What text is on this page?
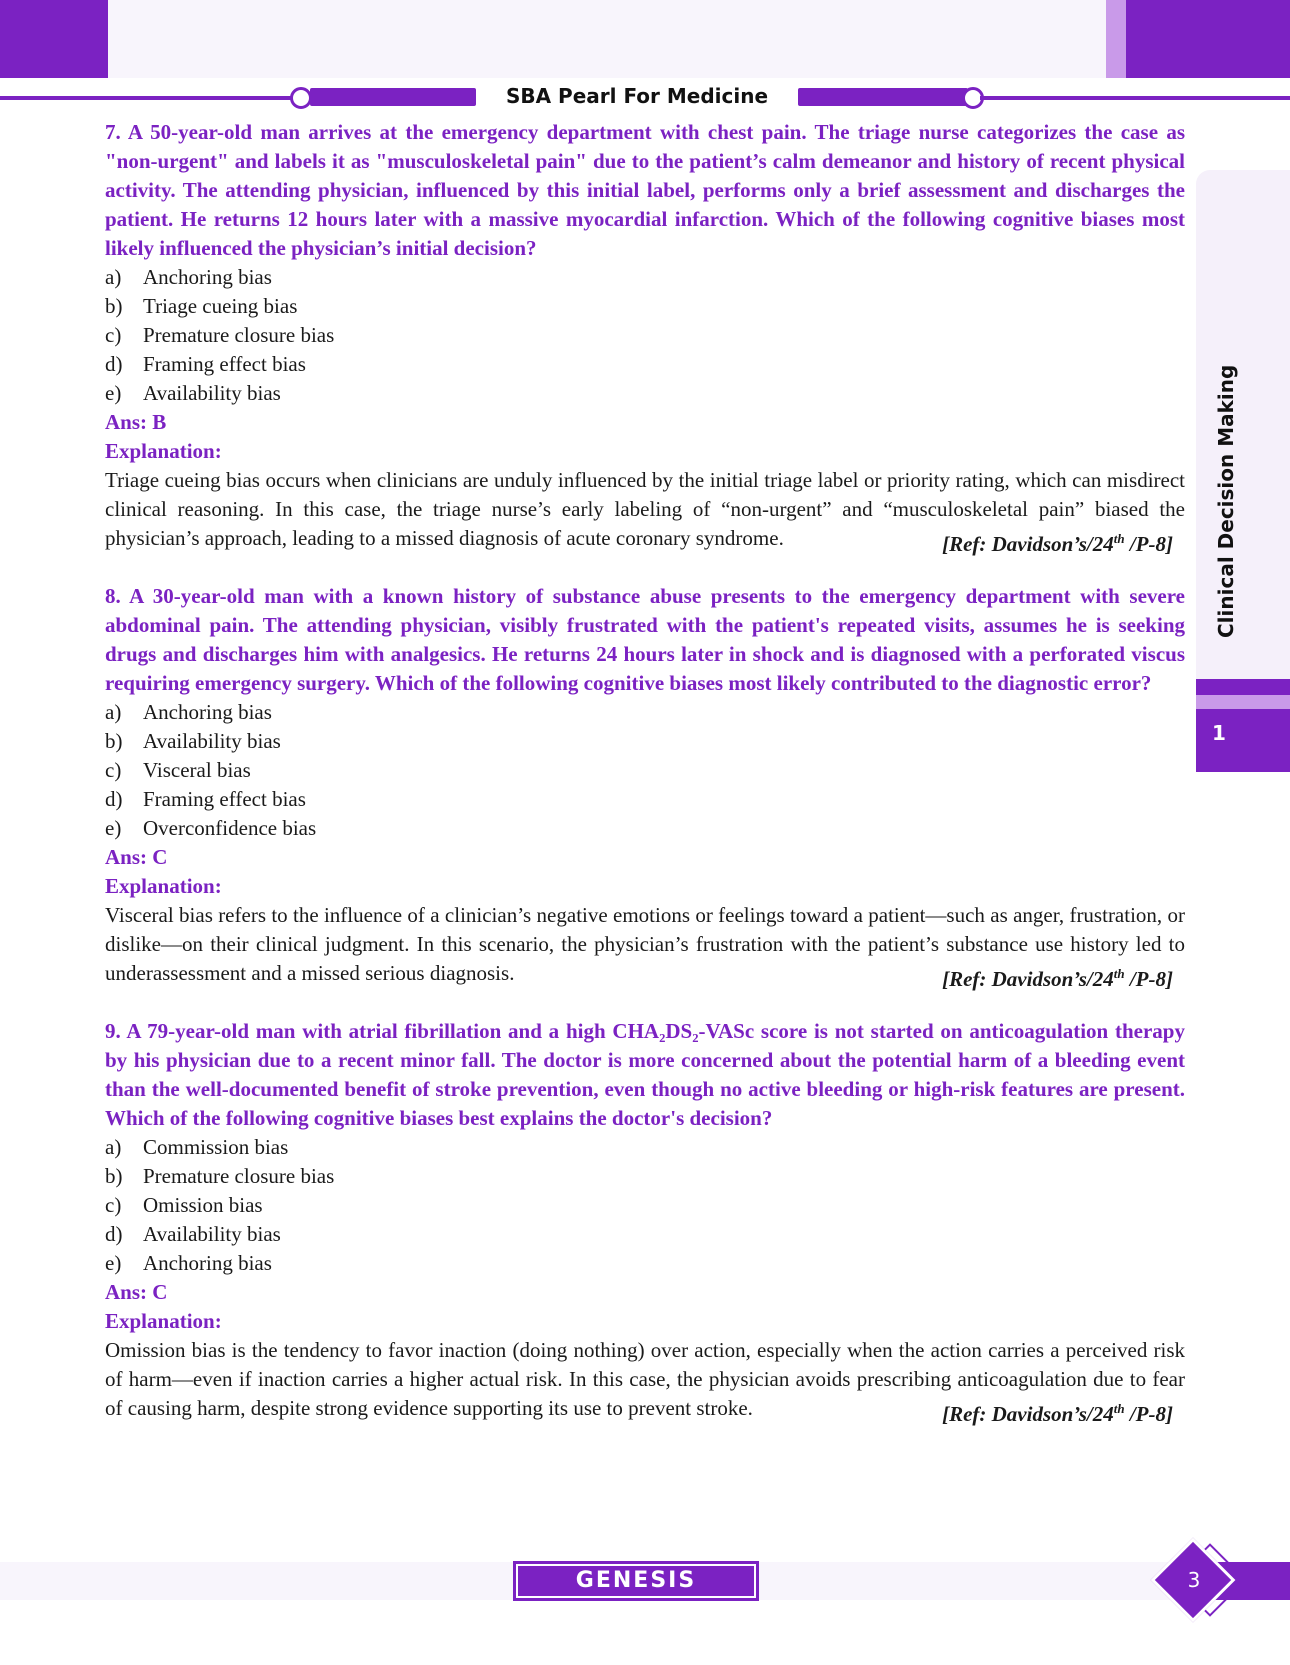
SBA Pearl For Medicine
Clinical Decision Making
1

7. A 50-year-old man arrives at the emergency department with chest pain. The triage nurse categorizes the case as "non-urgent" and labels it as "musculoskeletal pain" due to the patient’s calm demeanor and history of recent physical activity. The attending physician, influenced by this initial label, performs only a brief assessment and discharges the patient. He returns 12 hours later with a massive myocardial infarction. Which of the following cognitive biases most likely influenced the physician’s initial decision?

a)	Anchoring bias
b) Triage cueing bias
c)	Premature closure bias
d) Framing effect bias
e)	Availability bias

Ans: B

Explanation:

Triage cueing bias occurs when clinicians are unduly influenced by the initial triage label or priority rating, which can misdirect clinical reasoning. In this case, the triage nurse’s early labeling of “non-urgent” and “musculoskeletal pain” biased the physician’s approach, leading to a missed diagnosis of acute coronary syndrome.	[Ref: Davidson’s/24th /P-8]

8. A 30-year-old man with a known history of substance abuse presents to the emergency department with severe abdominal pain. The attending physician, visibly frustrated with the patient's repeated visits, assumes he is seeking drugs and discharges him with analgesics. He returns 24 hours later in shock and is diagnosed with a perforated viscus requiring emergency surgery. Which of the following cognitive biases most likely contributed to the diagnostic error?

a)	Anchoring bias
b) Availability bias
c)	Visceral bias
d) Framing effect bias
e)	Overconfidence bias

Ans: C

Explanation:

Visceral bias refers to the influence of a clinician’s negative emotions or feelings toward a patient—such as anger, frustration, or dislike—on their clinical judgment. In this scenario, the physician’s frustration with the patient’s substance use history led to underassessment and a missed serious diagnosis.	[Ref: Davidson’s/24th /P-8]

9. A 79-year-old man with atrial fibrillation and a high CHA₂DS₂-VASc score is not started on anticoagulation therapy by his physician due to a recent minor fall. The doctor is more concerned about the potential harm of a bleeding event than the well-documented benefit of stroke prevention, even though no active bleeding or high-risk features are present. Which of the following cognitive biases best explains the doctor's decision?

a)	Commission bias
b) Premature closure bias
c)	Omission bias
d) Availability bias
e)	Anchoring bias

Ans: C

Explanation:

Omission bias is the tendency to favor inaction (doing nothing) over action, especially when the action carries a perceived risk of harm—even if inaction carries a higher actual risk. In this case, the physician avoids prescribing anticoagulation due to fear of causing harm, despite strong evidence supporting its use to prevent stroke.	[Ref: Davidson’s/24th /P-8]

GENESIS	3
